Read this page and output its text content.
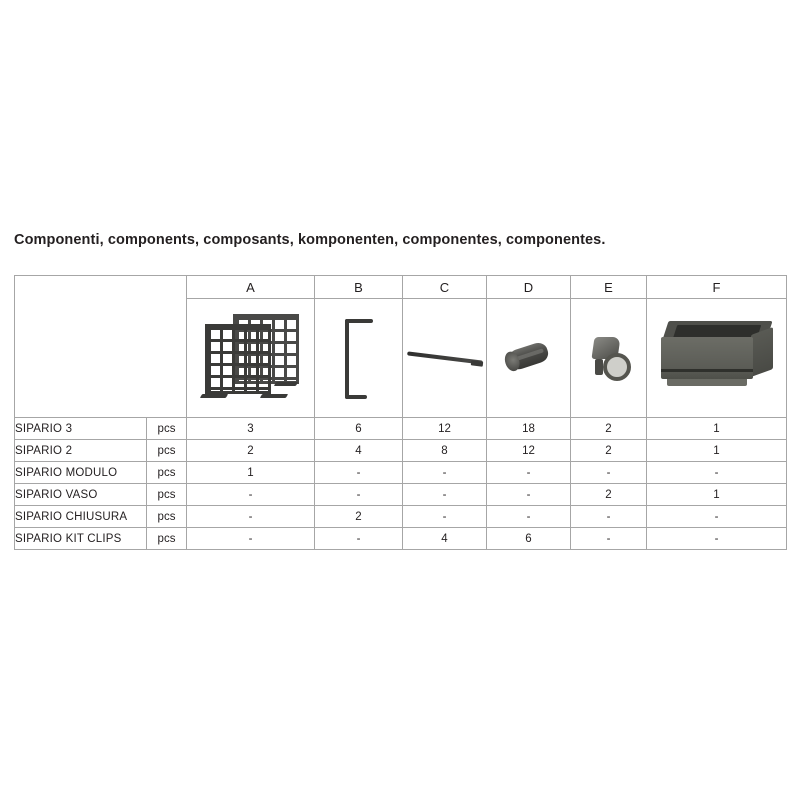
Componenti, components, composants, komponenten, componentes, componentes.
		A	B	C	D	E	F

SIPARIO 3	pcs	3	6	12	18	2	1
SIPARIO 2	pcs	2	4	8	12	2	1
SIPARIO MODULO	pcs	1	-	-	-	-	-
SIPARIO VASO	pcs	-	-	-	-	2	1
SIPARIO CHIUSURA	pcs	-	2	-	-	-	-
SIPARIO KIT CLIPS	pcs	-	-	4	6	-	-
